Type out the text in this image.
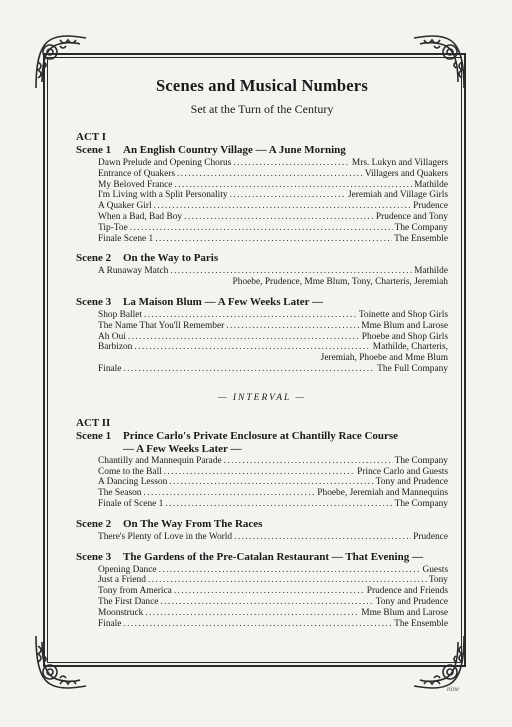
Scenes and Musical Numbers
Set at the Turn of the Century
ACT I
Scene 1 An English Country Village — A June Morning
Dawn Prelude and Opening Chorus .....	Mrs. Lukyn and Villagers
Entrance of Quakers .....	Villagers and Quakers
My Beloved France .....	Mathilde
I'm Living with a Split Personality .....	Jeremiah and Village Girls
A Quaker Girl .....	Prudence
When a Bad, Bad Boy .....	Prudence and Tony
Tip-Toe .....	The Company
Finale Scene 1 .....	The Ensemble
Scene 2 On the Way to Paris
A Runaway Match .....	Mathilde
Phoebe, Prudence, Mme Blum, Tony, Charteris, Jeremiah
Scene 3 La Maison Blum — A Few Weeks Later —
Shop Ballet .....	Toinette and Shop Girls
The Name That You'll Remember .....	Mme Blum and Larose
Ah Oui .....	Phoebe and Shop Girls
Barbizon .....	Mathilde, Charteris,
Jeremiah, Phoebe and Mme Blum
Finale .....	The Full Company
— INTERVAL —
ACT II
Scene 1 Prince Carlo's Private Enclosure at Chantilly Race Course
— A Few Weeks Later —
Chantilly and Mannequin Parade .....	The Company
Come to the Ball .....	Prince Carlo and Guests
A Dancing Lesson .....	Tony and Prudence
The Season .....	Phoebe, Jeremiah and Mannequins
Finale of Scene 1 .....	The Company
Scene 2 On The Way From The Races
There's Plenty of Love in the World .....	Prudence
Scene 3 The Gardens of the Pre-Catalan Restaurant — That Evening —
Opening Dance .....	Guests
Just a Friend .....	Tony
Tony from America .....	Prudence and Friends
The First Dance .....	Tony and Prudence
Moonstruck .....	Mme Blum and Larose
Finale .....	The Ensemble
nine
